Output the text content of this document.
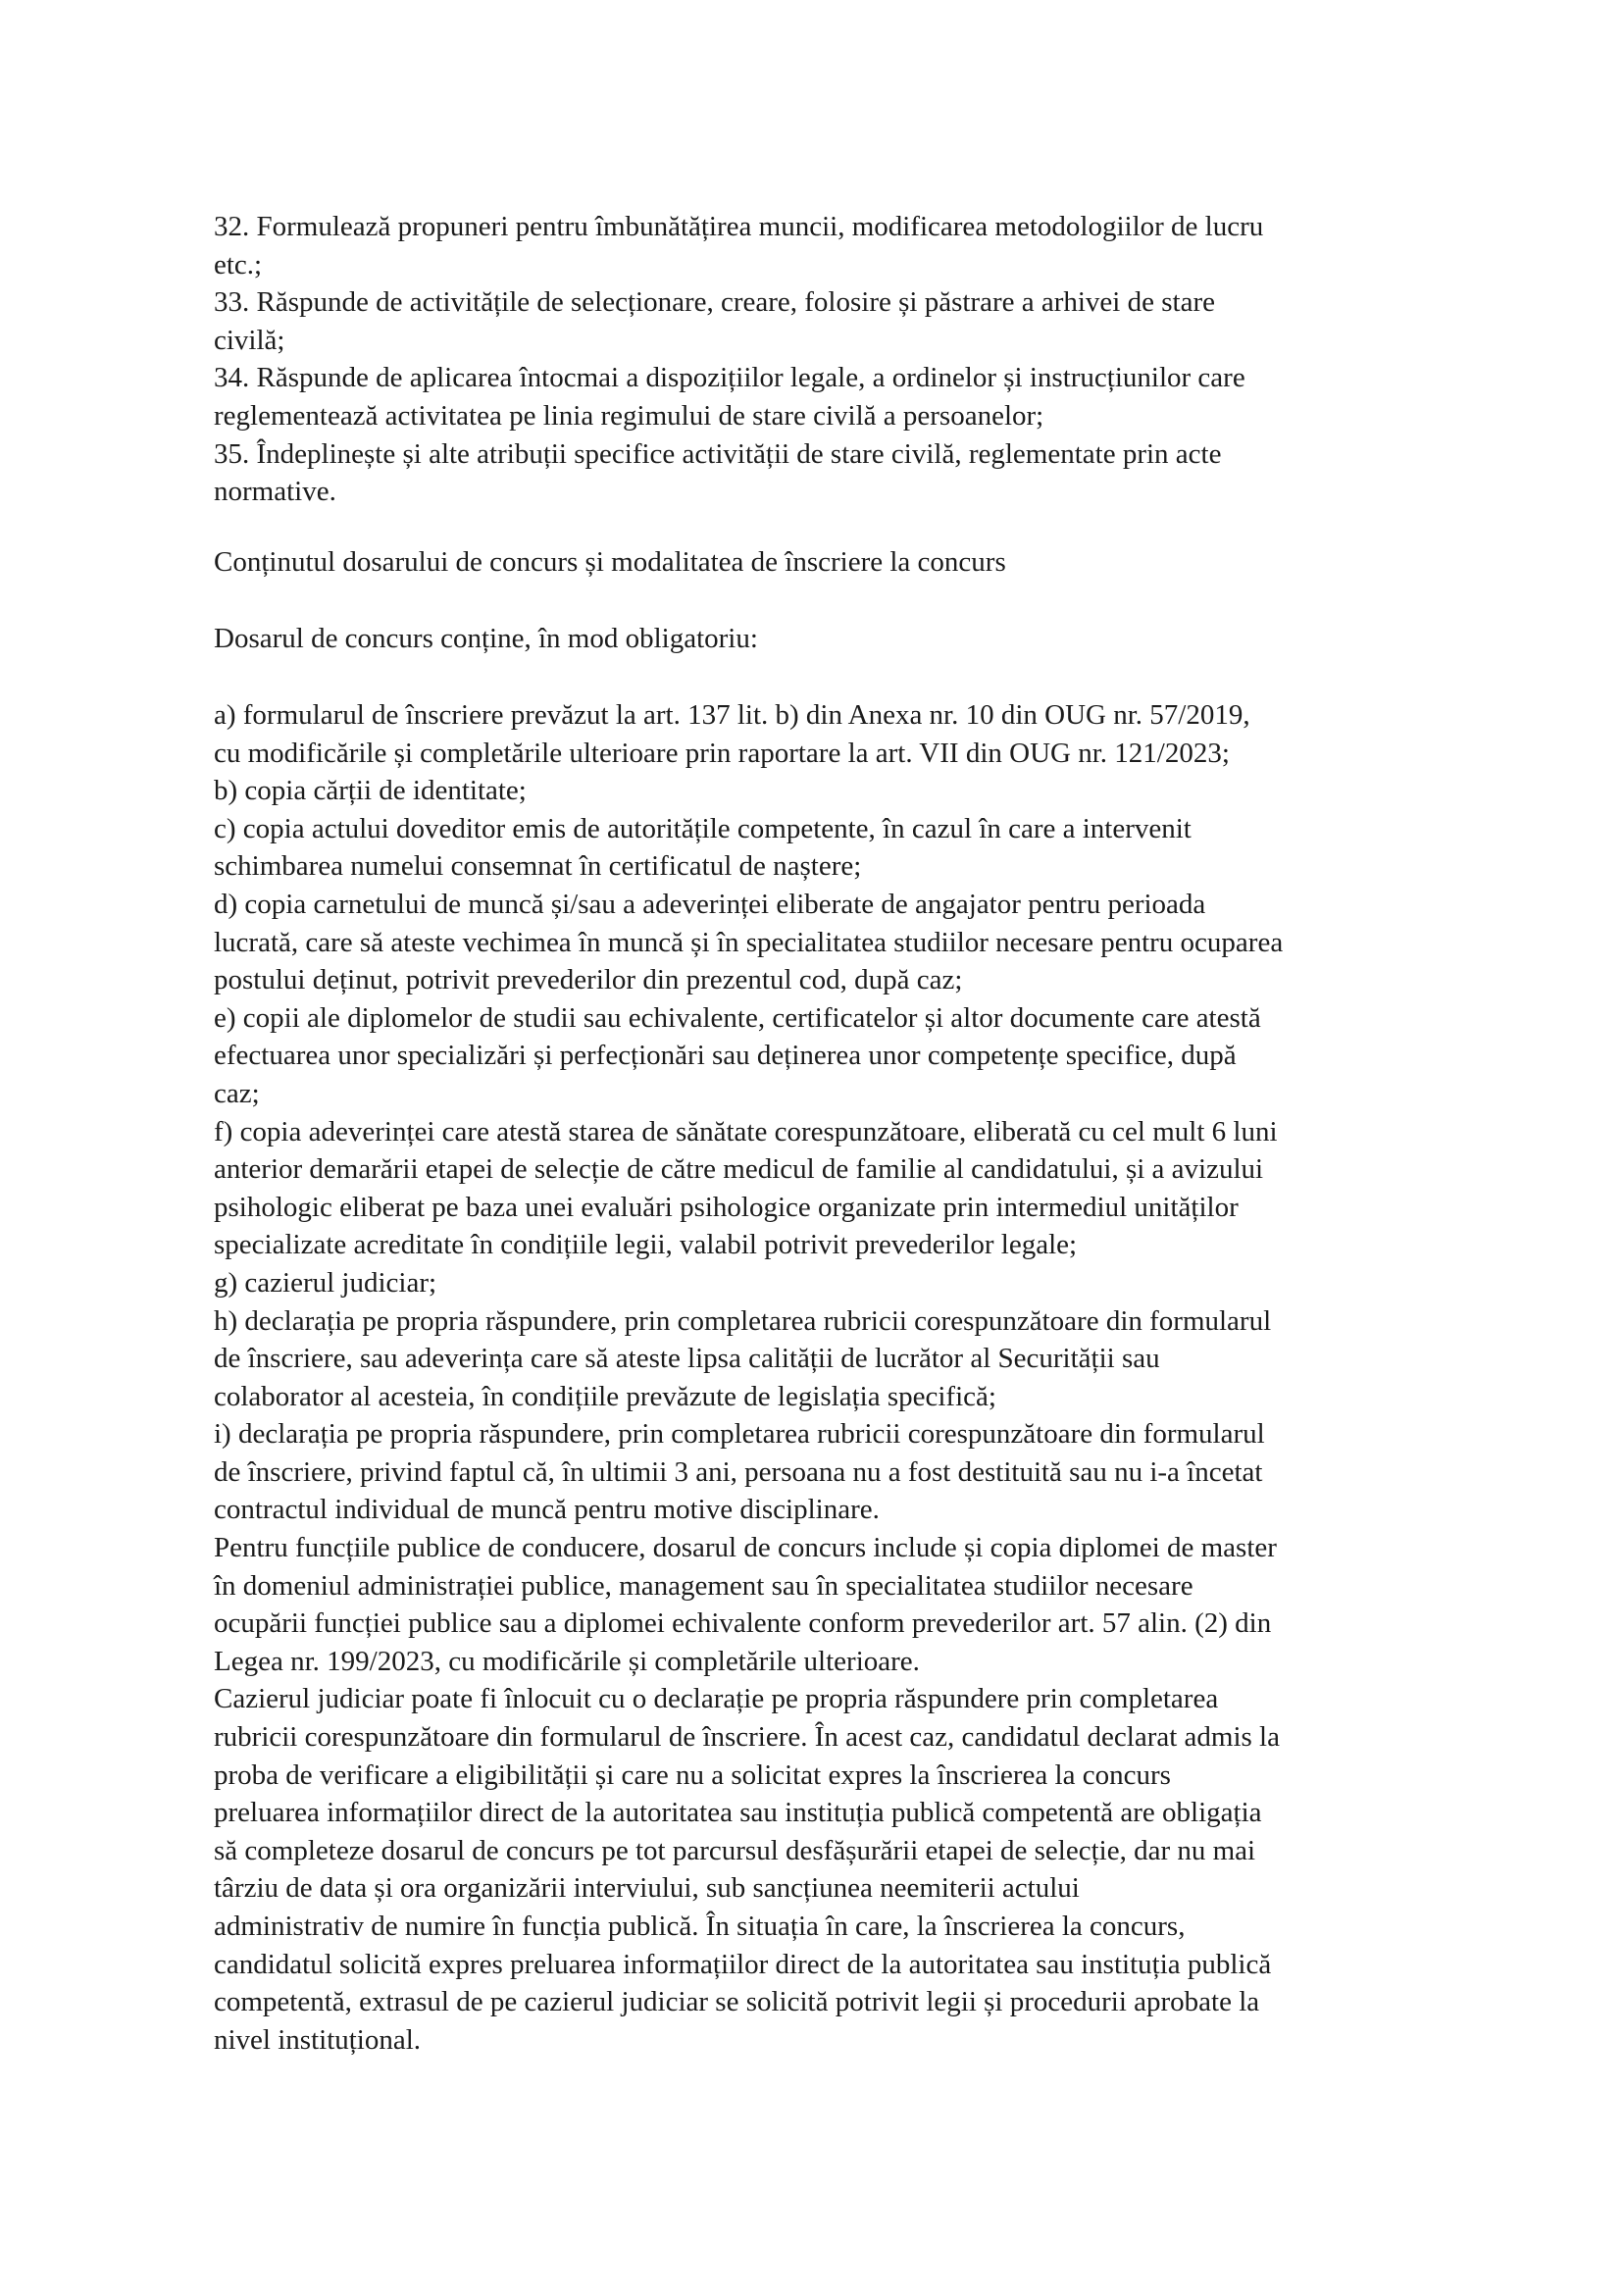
32. Formulează propuneri pentru îmbunătățirea muncii, modificarea metodologiilor de lucru
etc.;
33. Răspunde de activitățile de selecționare, creare, folosire și păstrare a arhivei de stare
civilă;
34. Răspunde de aplicarea întocmai a dispozițiilor legale, a ordinelor și instrucțiunilor care
reglementează activitatea pe linia regimului de stare civilă a persoanelor;
35. Îndeplinește și alte atribuții specifice activității de stare civilă, reglementate prin acte
normative.
Conținutul dosarului de concurs și modalitatea de înscriere la concurs
Dosarul de concurs conține, în mod obligatoriu:
a) formularul de înscriere prevăzut la art. 137 lit. b) din Anexa nr. 10 din OUG nr. 57/2019,
cu modificările și completările ulterioare prin raportare la art. VII din OUG nr. 121/2023;
b) copia cărții de identitate;
c) copia actului doveditor emis de autoritățile competente, în cazul în care a intervenit
schimbarea numelui consemnat în certificatul de naștere;
d) copia carnetului de muncă și/sau a adeverinței eliberate de angajator pentru perioada
lucrată, care să ateste vechimea în muncă și în specialitatea studiilor necesare pentru ocuparea
postului deținut, potrivit prevederilor din prezentul cod, după caz;
e) copii ale diplomelor de studii sau echivalente, certificatelor și altor documente care atestă
efectuarea unor specializări și perfecționări sau deținerea unor competențe specifice, după
caz;
f) copia adeverinței care atestă starea de sănătate corespunzătoare, eliberată cu cel mult 6 luni
anterior demarării etapei de selecție de către medicul de familie al candidatului, și a avizului
psihologic eliberat pe baza unei evaluări psihologice organizate prin intermediul unităților
specializate acreditate în condițiile legii, valabil potrivit prevederilor legale;
g) cazierul judiciar;
h) declarația pe propria răspundere, prin completarea rubricii corespunzătoare din formularul
de înscriere, sau adeverința care să ateste lipsa calității de lucrător al Securității sau
colaborator al acesteia, în condițiile prevăzute de legislația specifică;
i) declarația pe propria răspundere, prin completarea rubricii corespunzătoare din formularul
de înscriere, privind faptul că, în ultimii 3 ani, persoana nu a fost destituită sau nu i-a încetat
contractul individual de muncă pentru motive disciplinare.
Pentru funcțiile publice de conducere, dosarul de concurs include și copia diplomei de master
în domeniul administrației publice, management sau în specialitatea studiilor necesare
ocupării funcției publice sau a diplomei echivalente conform prevederilor art. 57 alin. (2) din
Legea nr. 199/2023, cu modificările și completările ulterioare.
Cazierul judiciar poate fi înlocuit cu o declarație pe propria răspundere prin completarea
rubricii corespunzătoare din formularul de înscriere. În acest caz, candidatul declarat admis la
proba de verificare a eligibilității și care nu a solicitat expres la înscrierea la concurs
preluarea informațiilor direct de la autoritatea sau instituția publică competentă are obligația
să completeze dosarul de concurs pe tot parcursul desfășurării etapei de selecție, dar nu mai
târziu de data și ora organizării interviului, sub sancțiunea neemiterii actului
administrativ de numire în funcția publică. În situația în care, la înscrierea la concurs,
candidatul solicită expres preluarea informațiilor direct de la autoritatea sau instituția publică
competentă, extrasul de pe cazierul judiciar se solicită potrivit legii și procedurii aprobate la
nivel instituțional.
